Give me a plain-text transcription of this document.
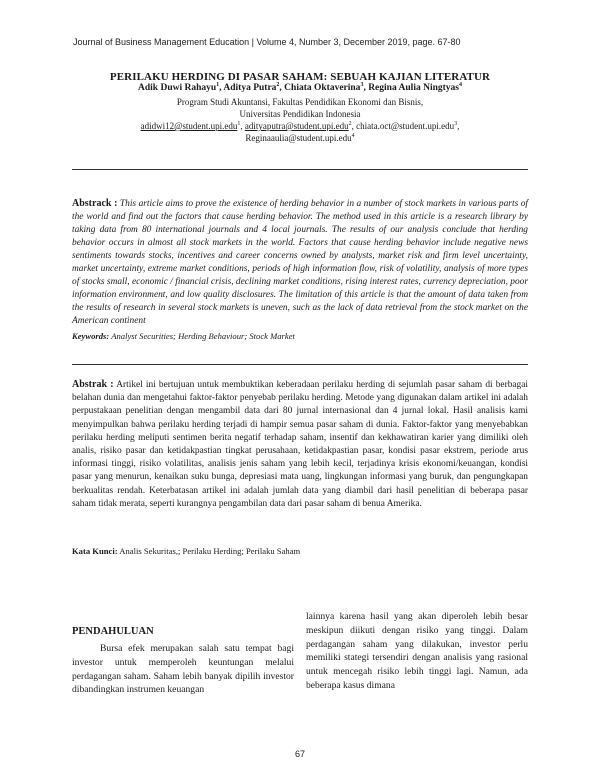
Journal of Business Management Education | Volume 4, Number 3, December 2019, page. 67-80
PERILAKU HERDING DI PASAR SAHAM: SEBUAH KAJIAN LITERATUR
Adik Duwi Rahayu$^1$, Aditya Putra$^2$, Chiata Oktaverina$^3$, Regina Aulia Ningtyas$^4$
Program Studi Akuntansi, Fakultas Pendidikan Ekonomi dan Bisnis,
Universitas Pendidikan Indonesia
adidwi12@student.upi.edu$^1$, adityaputra@student.upi.edu$^2$, chiata.oct@student.upi.edu$^3$,
Reginaaulia@student.upi.edu$^4$
Abstrack : This article aims to prove the existence of herding behavior in a number of stock markets in various parts of the world and find out the factors that cause herding behavior. The method used in this article is a research library by taking data from 80 international journals and 4 local journals. The results of our analysis conclude that herding behavior occurs in almost all stock markets in the world. Factors that cause herding behavior include negative news sentiments towards stocks, incentives and career concerns owned by analysts, market risk and firm level uncertainty, market uncertainty, extreme market conditions, periods of high information flow, risk of volatility, analysis of more types of stocks small, economic / financial crisis, declining market conditions, rising interest rates, currency depreciation, poor information environment, and low quality disclosures. The limitation of this article is that the amount of data taken from the results of research in several stock markets is uneven, such as the lack of data retrieval from the stock market on the American continent
Keywords: Analyst Securities; Herding Behaviour; Stock Market
Abstrak : Artikel ini bertujuan untuk membuktikan keberadaan perilaku herding di sejumlah pasar saham di berbagai belahan dunia dan mengetahui faktor-faktor penyebab perilaku herding. Metode yang digunakan dalam artikel ini adalah perpustakaan penelitian dengan mengambil data dari 80 jurnal internasional dan 4 jurnal lokal. Hasil analisis kami menyimpulkan bahwa perilaku herding terjadi di hampir semua pasar saham di dunia. Faktor-faktor yang menyebabkan perilaku herding meliputi sentimen berita negatif terhadap saham, insentif dan kekhawatiran karier yang dimiliki oleh analis, risiko pasar dan ketidakpastian tingkat perusahaan, ketidakpastian pasar, kondisi pasar ekstrem, periode arus informasi tinggi, risiko volatilitas, analisis jenis saham yang lebih kecil, terjadinya krisis ekonomi/keuangan, kondisi pasar yang menurun, kenaikan suku bunga, depresiasi mata uang, lingkungan informasi yang buruk, dan pengungkapan berkualitas rendah. Keterbatasan artikel ini adalah jumlah data yang diambil dari hasil penelitian di beberapa pasar saham tidak merata, seperti kurangnya pengambilan data dari pasar saham di benua Amerika.
Kata Kunci: Analis Sekuritas,; Perilaku Herding; Perilaku Saham
PENDAHULUAN
Bursa efek merupakan salah satu tempat bagi investor untuk memperoleh keuntungan melalui perdagangan saham. Saham lebih banyak dipilih investor dibandingkan instrumen keuangan
lainnya karena hasil yang akan diperoleh lebih besar meskipun diikuti dengan risiko yang tinggi. Dalam perdagangan saham yang dilakukan, investor perlu memiliki stategi tersendiri dengan analisis yang rasional untuk mencegah risiko lebih tinggi lagi. Namun, ada beberapa kasus dimana
67
